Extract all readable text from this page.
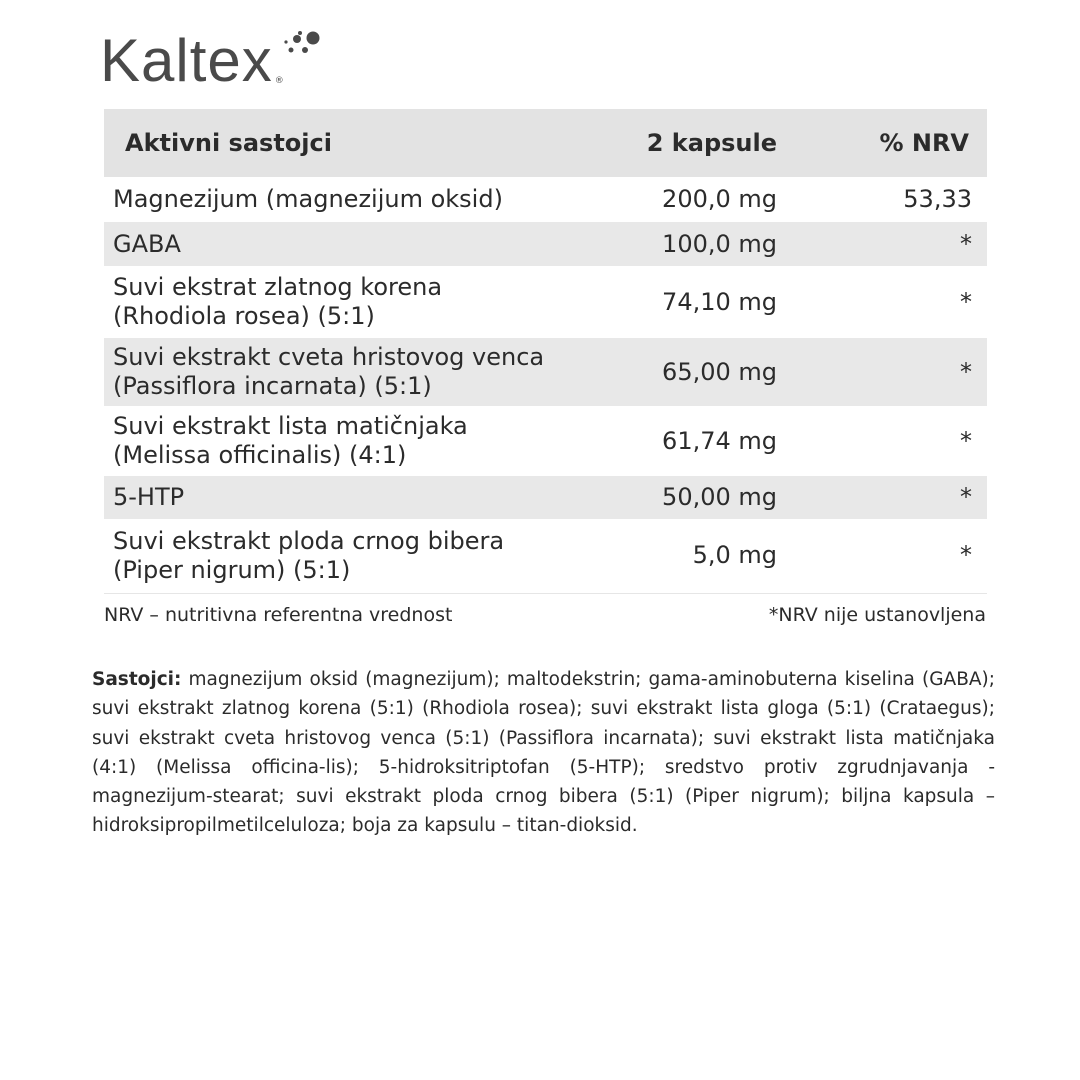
Kaltex ®
Aktivni sastojci	2 kapsule	% NRV
Magnezijum (magnezijum oksid)	200,0 mg	53,33
GABA	100,0 mg	*
Suvi ekstrat zlatnog korena
(Rhodiola rosea) (5:1)	74,10 mg	*
Suvi ekstrakt cveta hristovog venca
(Passiflora incarnata) (5:1)	65,00 mg	*
Suvi ekstrakt lista matičnjaka
(Melissa officinalis) (4:1)	61,74 mg	*
5-HTP	50,00 mg	*
Suvi ekstrakt ploda crnog bibera
(Piper nigrum) (5:1)	5,0 mg	*
NRV – nutritivna referentna vrednost	*NRV nije ustanovljena
Sastojci: magnezijum oksid (magnezijum); maltodekstrin; gama-aminobuterna kiselina (GABA); suvi ekstrakt zlatnog korena (5:1) (Rhodiola rosea); suvi ekstrakt lista gloga (5:1) (Crataegus); suvi ekstrakt cveta hristovog venca (5:1) (Passiflora incarnata); suvi ekstrakt lista matičnjaka (4:1) (Melissa officina-lis); 5-hidroksitriptofan (5-HTP); sredstvo protiv zgrudnjavanja - magnezijum-stearat; suvi ekstrakt ploda crnog bibera (5:1) (Piper nigrum); biljna kapsula – hidroksipropilmetilceluloza; boja za kapsulu – titan-dioksid.
